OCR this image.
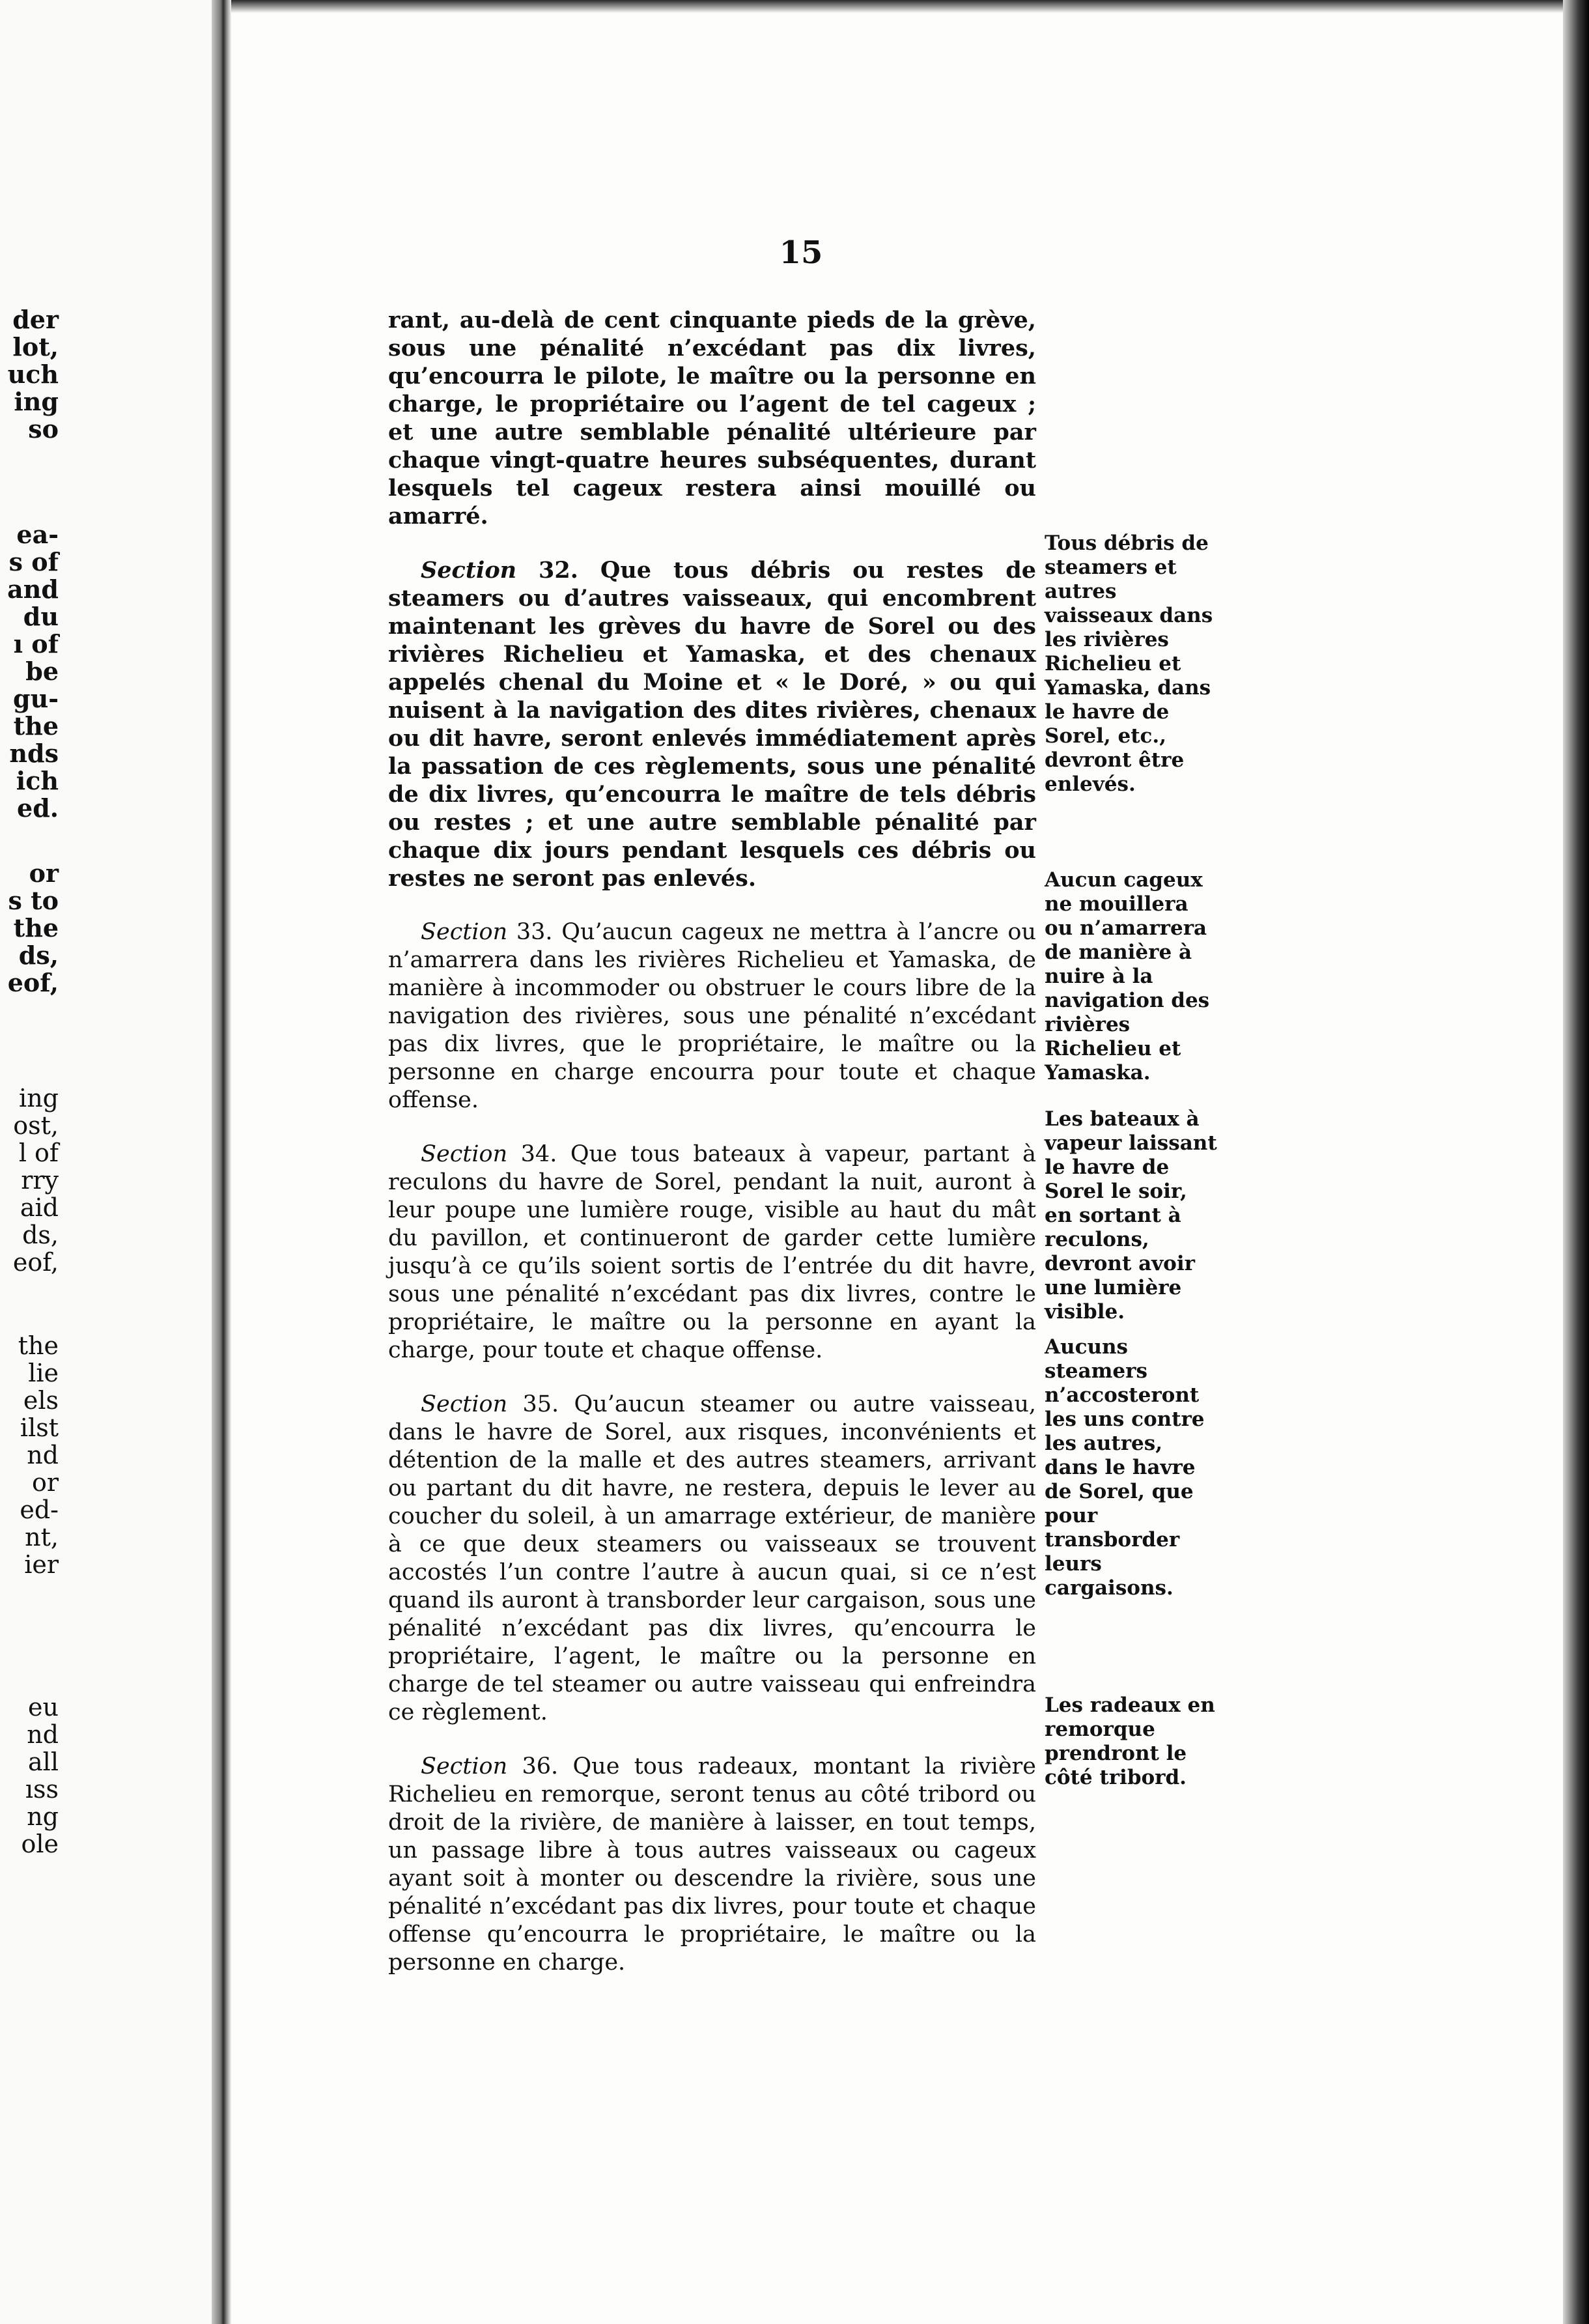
der
lot,
uch
ing
so
ea-
s of
and
du
ı of
be
gu-
the
nds
ich
ed.
or
s to
the
ds,
eof,
ing
ost,
l of
rry
aid
ds,
eof,
the
lie
els
ilst
nd
or
ed-
nt,
ier
eu
nd
all
ıss
ng
ole
15

rant, au-delà de cent cinquante pieds de la grève, sous une pénalité n’excédant pas dix livres, qu’encourra le pilote, le maître ou la personne en charge, le propriétaire ou l’agent de tel cageux ; et une autre semblable pénalité ultérieure par chaque vingt-quatre heures subséquentes, durant lesquels tel cageux restera ainsi mouillé ou amarré.

Section 32. Que tous débris ou restes de steamers ou d’autres vaisseaux, qui encombrent maintenant les grèves du havre de Sorel ou des rivières Richelieu et Yamaska, et des chenaux appelés chenal du Moine et « le Doré, » ou qui nuisent à la navigation des dites rivières, chenaux ou dit havre, seront enlevés immédiatement après la passation de ces règlements, sous une pénalité de dix livres, qu’encourra le maître de tels débris ou restes ; et une autre semblable pénalité par chaque dix jours pendant lesquels ces débris ou restes ne seront pas enlevés.

Section 33. Qu’aucun cageux ne mettra à l’ancre ou n’amarrera dans les rivières Richelieu et Yamaska, de manière à incommoder ou obstruer le cours libre de la navigation des rivières, sous une pénalité n’excédant pas dix livres, que le propriétaire, le maître ou la personne en charge encourra pour toute et chaque offense.

Section 34. Que tous bateaux à vapeur, partant à reculons du havre de Sorel, pendant la nuit, auront à leur poupe une lumière rouge, visible au haut du mât du pavillon, et continueront de garder cette lumière jusqu’à ce qu’ils soient sortis de l’entrée du dit havre, sous une pénalité n’excédant pas dix livres, contre le propriétaire, le maître ou la personne en ayant la charge, pour toute et chaque offense.

Section 35. Qu’aucun steamer ou autre vaisseau, dans le havre de Sorel, aux risques, inconvénients et détention de la malle et des autres steamers, arrivant ou partant du dit havre, ne restera, depuis le lever au coucher du soleil, à un amarrage extérieur, de manière à ce que deux steamers ou vaisseaux se trouvent accostés l’un contre l’autre à aucun quai, si ce n’est quand ils auront à transborder leur cargaison, sous une pénalité n’excédant pas dix livres, qu’encourra le propriétaire, l’agent, le maître ou la personne en charge de tel steamer ou autre vaisseau qui enfreindra ce règlement.

Section 36. Que tous radeaux, montant la rivière Richelieu en remorque, seront tenus au côté tribord ou droit de la rivière, de manière à laisser, en tout temps, un passage libre à tous autres vaisseaux ou cageux ayant soit à monter ou descendre la rivière, sous une pénalité n’excédant pas dix livres, pour toute et chaque offense qu’encourra le propriétaire, le maître ou la personne en charge.

Tous débris de steamers et autres vaisseaux dans les rivières Richelieu et Yamaska, dans le havre de Sorel, etc., devront être enlevés.
Aucun cageux ne mouillera ou n’amarrera de manière à nuire à la navigation des rivières Richelieu et Yamaska.
Les bateaux à vapeur laissant le havre de Sorel le soir, en sortant à reculons, devront avoir une lumière visible.
Aucuns steamers n’accosteront les uns contre les autres, dans le havre de Sorel, que pour transborder leurs cargaisons.
Les radeaux en remorque prendront le côté tribord.
